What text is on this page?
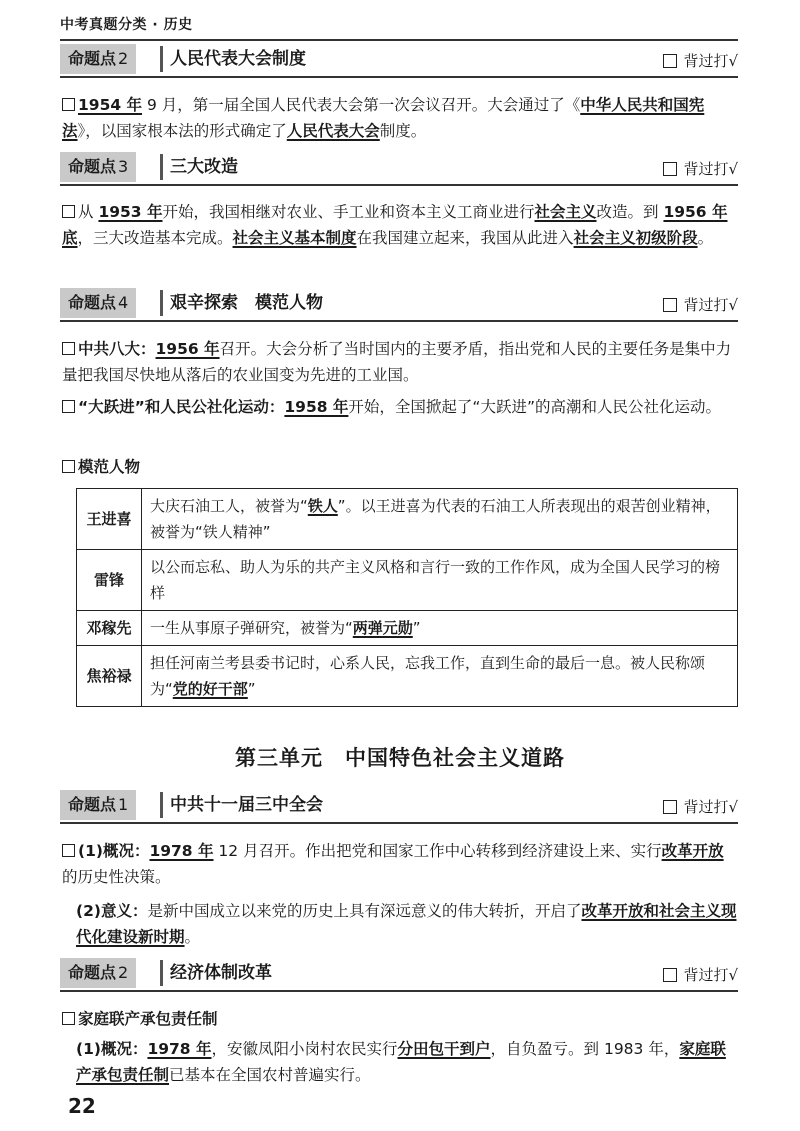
中考真题分类 · 历史
命题点 2	人民代表大会制度	背过打√
1954 年 9 月，第一届全国人民代表大会第一次会议召开。大会通过了《中华人民共和国宪法》，以国家根本法的形式确定了人民代表大会制度。
命题点 3	三大改造	背过打√
从 1953 年开始，我国相继对农业、手工业和资本主义工商业进行社会主义改造。到 1956 年底，三大改造基本完成。社会主义基本制度在我国建立起来，我国从此进入社会主义初级阶段。
命题点 4	艰辛探索　模范人物	背过打√
中共八大：1956 年召开。大会分析了当时国内的主要矛盾，指出党和人民的主要任务是集中力量把我国尽快地从落后的农业国变为先进的工业国。
“大跃进”和人民公社化运动：1958 年开始，全国掀起了“大跃进”的高潮和人民公社化运动。
模范人物
王进喜	大庆石油工人，被誉为“铁人”。以王进喜为代表的石油工人所表现出的艰苦创业精神，被誉为“铁人精神”
雷锋	以公而忘私、助人为乐的共产主义风格和言行一致的工作作风，成为全国人民学习的榜样
邓稼先	一生从事原子弹研究，被誉为“两弹元勋”
焦裕禄	担任河南兰考县委书记时，心系人民，忘我工作，直到生命的最后一息。被人民称颂为“党的好干部”
第三单元　中国特色社会主义道路
命题点 1	中共十一届三中全会	背过打√
(1)概况：1978 年 12 月召开。作出把党和国家工作中心转移到经济建设上来、实行改革开放的历史性决策。
(2)意义：是新中国成立以来党的历史上具有深远意义的伟大转折，开启了改革开放和社会主义现代化建设新时期。
命题点 2	经济体制改革	背过打√
家庭联产承包责任制
(1)概况：1978 年，安徽凤阳小岗村农民实行分田包干到户，自负盈亏。到 1983 年，家庭联产承包责任制已基本在全国农村普遍实行。
22
